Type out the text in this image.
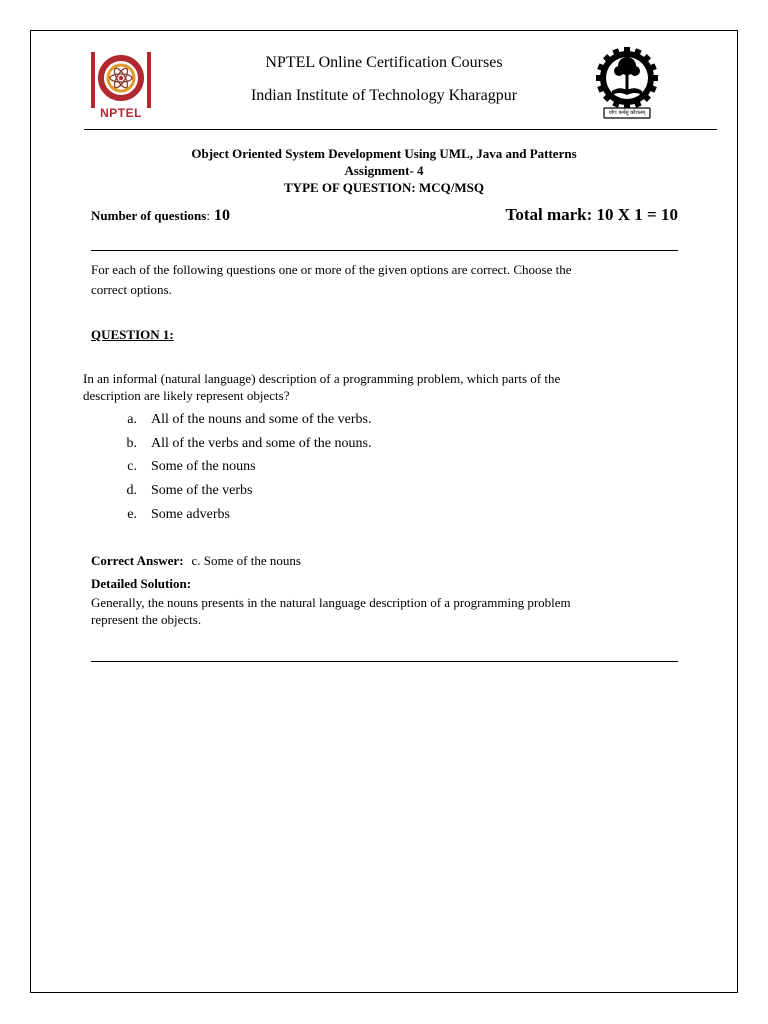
NPTEL	योगः कर्मसु कौशलम्
NPTEL Online Certification Courses
Indian Institute of Technology Kharagpur
Object Oriented System Development Using UML, Java and Patterns
Assignment- 4
TYPE OF QUESTION: MCQ/MSQ
Number of questions: 10	Total mark: 10 X 1 = 10
For each of the following questions one or more of the given options are correct. Choose the
correct options.
QUESTION 1:
In an informal (natural language) description of a programming problem, which parts of the
description are likely represent objects?
a. All of the nouns and some of the verbs.
b. All of the verbs and some of the nouns.
c. Some of the nouns
d. Some of the verbs
e. Some adverbs
Correct Answer: c. Some of the nouns
Detailed Solution:
Generally, the nouns presents in the natural language description of a programming problem
represent the objects.
